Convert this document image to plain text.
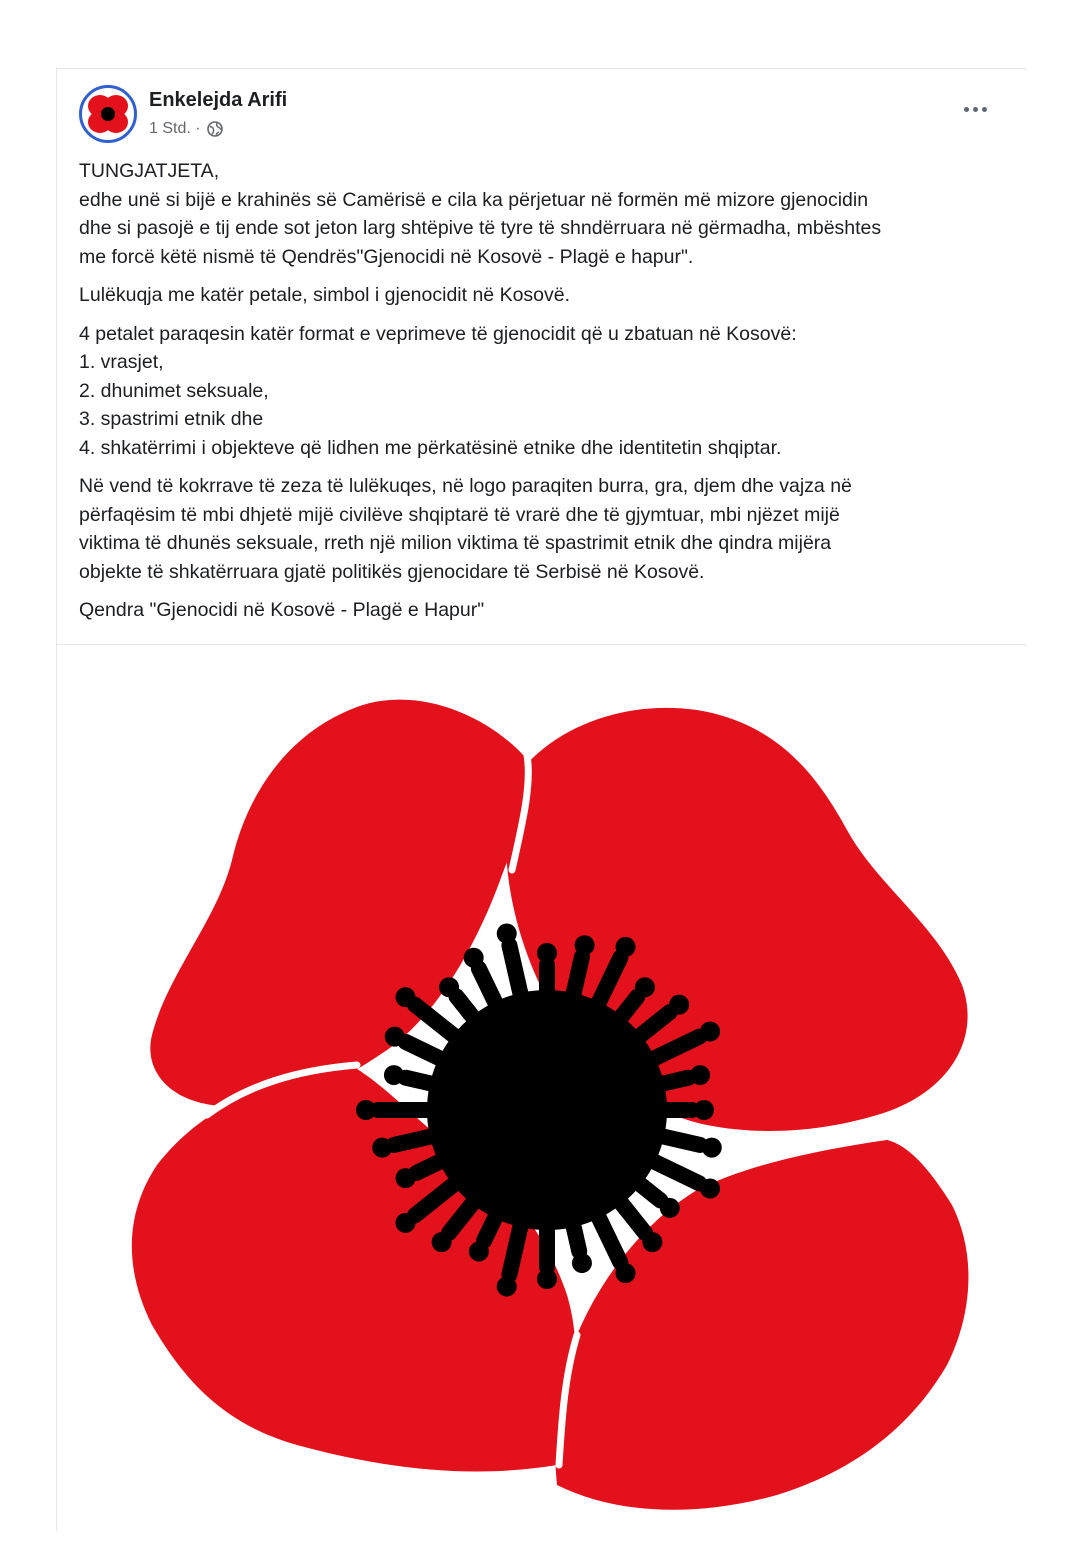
Enkelejda Arifi
1 Std. ·

TUNGJATJETA,
edhe unë si bijë e krahinës së Camërisë e cila ka përjetuar në formën më mizore gjenocidin
dhe si pasojë e tij ende sot jeton larg shtëpive të tyre të shndërruara në gërmadha, mbështes
me forcë këtë nismë të Qendrës"Gjenocidi në Kosovë - Plagë e hapur".

Lulëkuqja me katër petale, simbol i gjenocidit në Kosovë.

4 petalet paraqesin katër format e veprimeve të gjenocidit që u zbatuan në Kosovë:
1. vrasjet,
2. dhunimet seksuale,
3. spastrimi etnik dhe
4. shkatërrimi i objekteve që lidhen me përkatësinë etnike dhe identitetin shqiptar.

Në vend të kokrrave të zeza të lulëkuqes, në logo paraqiten burra, gra, djem dhe vajza në
përfaqësim të mbi dhjetë mijë civilëve shqiptarë të vrarë dhe të gjymtuar, mbi njëzet mijë
viktima të dhunës seksuale, rreth një milion viktima të spastrimit etnik dhe qindra mijëra
objekte të shkatërruara gjatë politikës gjenocidare të Serbisë në Kosovë.

Qendra "Gjenocidi në Kosovë - Plagë e Hapur"
